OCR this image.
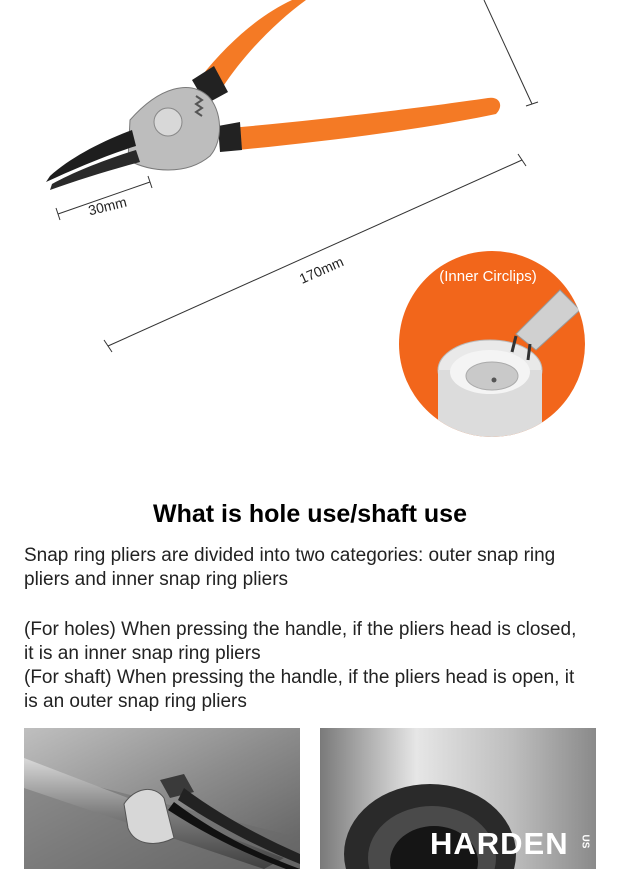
30mm
170mm	(Inner Circlips)
What is hole use/shaft use

Snap ring pliers are divided into two categories: outer snap ring pliers and inner snap ring pliers

(For holes) When pressing the handle, if the pliers head is closed, it is an inner snap ring pliers

(For shaft) When pressing the handle, if the pliers head is open, it is an outer snap ring pliers

HARDEN US
